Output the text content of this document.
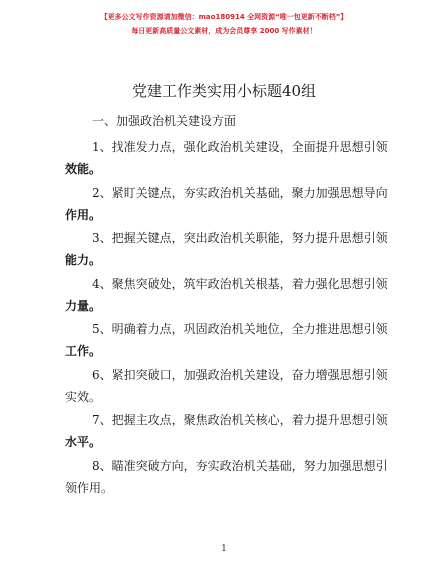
【更多公文写作资源请加微信：mao180914 全网资源“唯一包更新不断档”】
每日更新高质量公文素材，成为会员尊享 2000 写作素材！
党建工作类实用小标题40组
一、加强政治机关建设方面
1、找准发力点，强化政治机关建设，全面提升思想引领
效能。
2、紧盯关键点，夯实政治机关基础，聚力加强思想导向
作用。
3、把握关键点，突出政治机关职能，努力提升思想引领
能力。
4、聚焦突破处，筑牢政治机关根基，着力强化思想引领
力量。
5、明确着力点，巩固政治机关地位，全力推进思想引领
工作。
6、紧扣突破口，加强政治机关建设，奋力增强思想引领
实效。
7、把握主攻点，聚焦政治机关核心，着力提升思想引领
水平。
8、瞄准突破方向，夯实政治机关基础，努力加强思想引
领作用。
1
